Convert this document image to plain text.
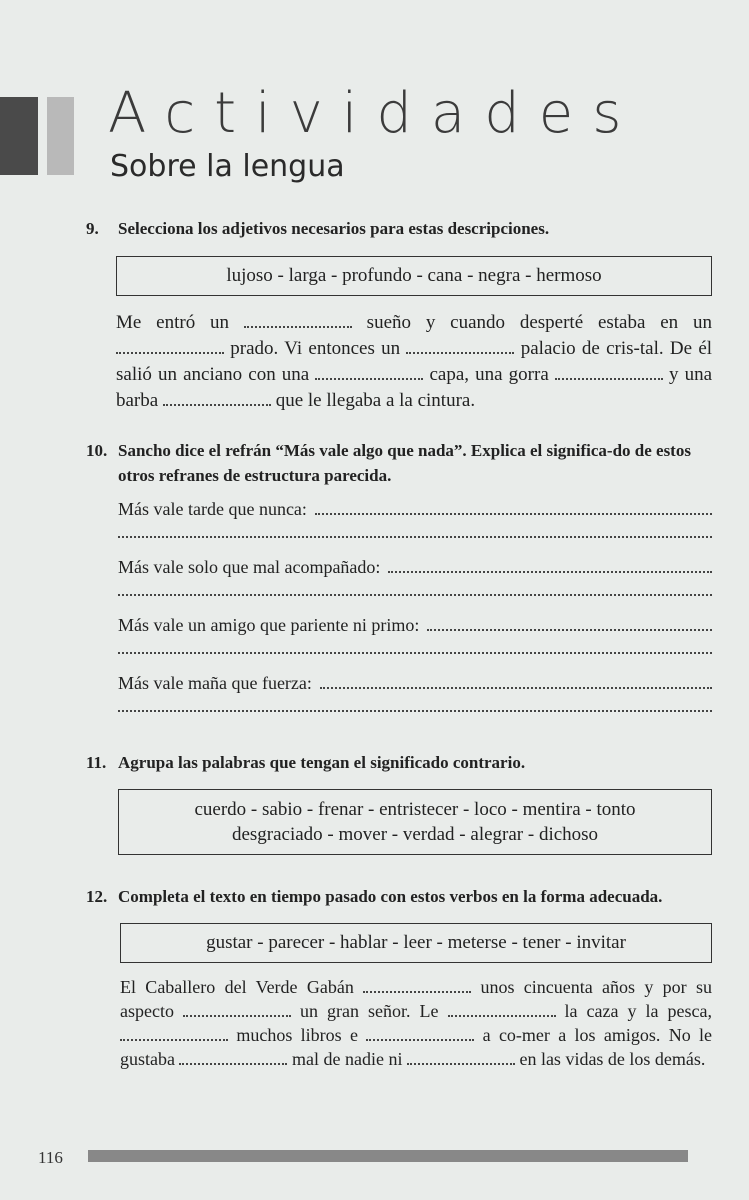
Actividades
Sobre la lengua

9.	Selecciona los adjetivos necesarios para estas descripciones.

lujoso - larga - profundo - cana - negra - hermoso
Me entró un	sueño y cuando desperté estaba en un  prado. Vi entonces un	palacio de cris-tal. De él salió un anciano con una	capa, una gorra	y una barba	que le llegaba a la cintura.

10. Sancho dice el refrán “Más vale algo que nada”. Explica el significa-do de estos otros refranes de estructura parecida.

Más vale tarde que nunca:
Más vale solo que mal acompañado:
Más vale un amigo que pariente ni primo:
Más vale maña que fuerza:

11. Agrupa las palabras que tengan el significado contrario.

cuerdo - sabio - frenar - entristecer - loco - mentira - tonto
desgraciado - mover - verdad - alegrar - dichoso

12. Completa el texto en tiempo pasado con estos verbos en la forma adecuada.

gustar - parecer - hablar - leer - meterse - tener - invitar
El Caballero del Verde Gabán	unos cincuenta años y por su aspecto	un gran señor. Le	la caza y la pesca,  muchos libros e	a co-mer a los amigos. No le gustaba	mal de nadie ni	en las vidas de los demás.
116
